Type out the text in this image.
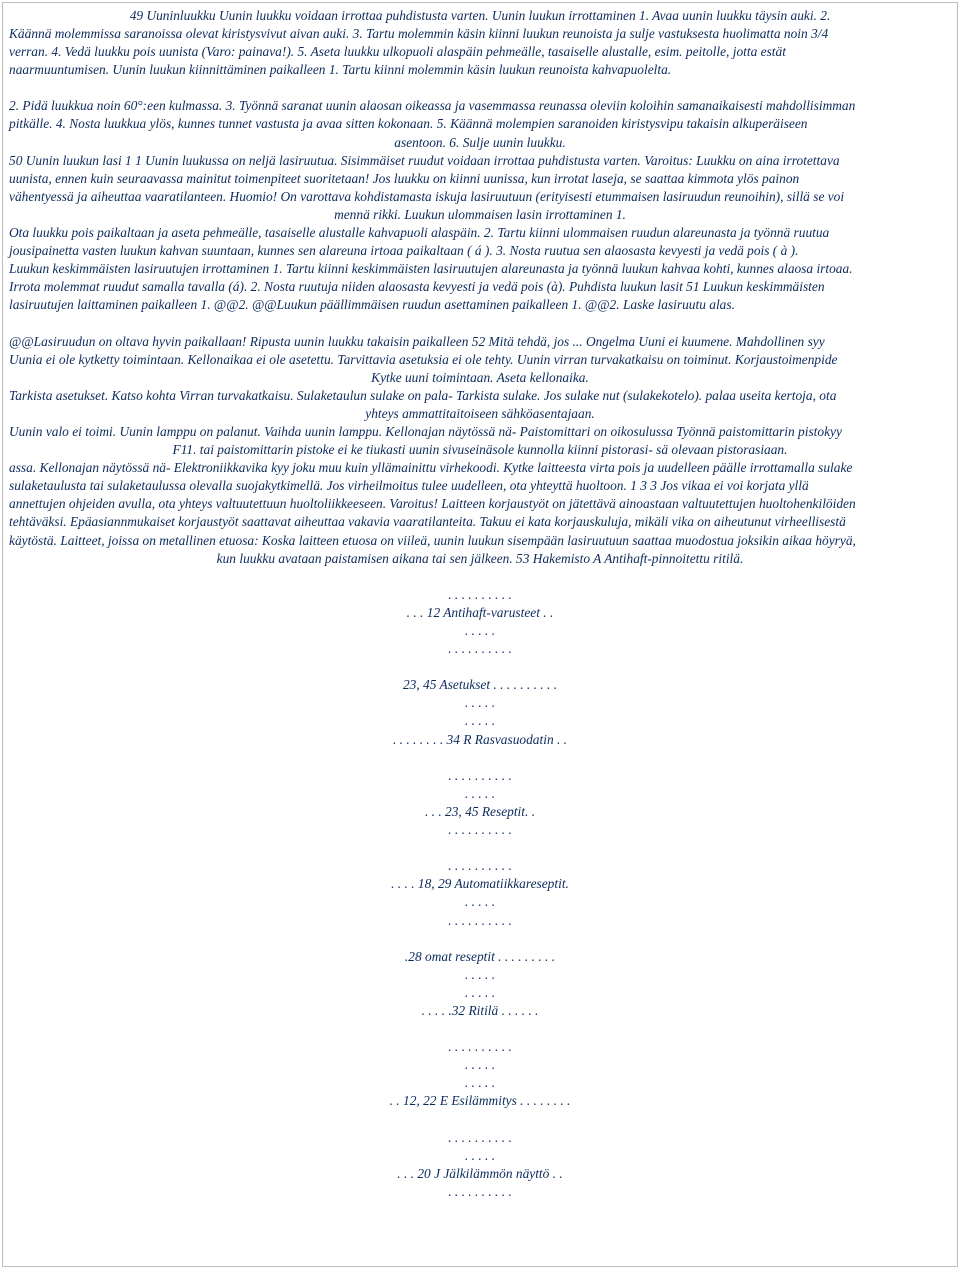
49 Uuninluukku Uunin luukku voidaan irrottaa puhdistusta varten. Uunin luukun irrottaminen 1. Avaa uunin luukku täysin auki. 2.

Käännä molemmissa saranoissa olevat kiristysvivut aivan auki. 3. Tartu molemmin käsin kiinni luukun reunoista ja sulje vastuksesta huolimatta noin 3/4

verran. 4. Vedä luukku pois uunista (Varo: painava!). 5. Aseta luukku ulkopuoli alaspäin pehmeälle, tasaiselle alustalle, esim. peitolle, jotta estät

naarmuuntumisen. Uunin luukun kiinnittäminen paikalleen 1. Tartu kiinni molemmin käsin luukun reunoista kahvapuolelta.

2. Pidä luukkua noin 60°:een kulmassa. 3. Työnnä saranat uunin alaosan oikeassa ja vasemmassa reunassa oleviin koloihin samanaikaisesti mahdollisimman

pitkälle. 4. Nosta luukkua ylös, kunnes tunnet vastusta ja avaa sitten kokonaan. 5. Käännä molempien saranoiden kiristysvipu takaisin alkuperäiseen

asentoon. 6. Sulje uunin luukku.

50 Uunin luukun lasi 1 1 Uunin luukussa on neljä lasiruutua. Sisimmäiset ruudut voidaan irrottaa puhdistusta varten. Varoitus: Luukku on aina irrotettava

uunista, ennen kuin seuraavassa mainitut toimenpiteet suoritetaan! Jos luukku on kiinni uunissa, kun irrotat laseja, se saattaa kimmota ylös painon

vähentyessä ja aiheuttaa vaaratilanteen. Huomio! On varottava kohdistamasta iskuja lasiruutuun (erityisesti etummaisen lasiruudun reunoihin), sillä se voi

mennä rikki. Luukun ulommaisen lasin irrottaminen 1.

Ota luukku pois paikaltaan ja aseta pehmeälle, tasaiselle alustalle kahvapuoli alaspäin. 2. Tartu kiinni ulommaisen ruudun alareunasta ja työnnä ruutua

jousipainetta vasten luukun kahvan suuntaan, kunnes sen alareuna irtoaa paikaltaan ( á ). 3. Nosta ruutua sen alaosasta kevyesti ja vedä pois ( à ).

Luukun keskimmäisten lasiruutujen irrottaminen 1. Tartu kiinni keskimmäisten lasiruutujen alareunasta ja työnnä luukun kahvaa kohti, kunnes alaosa irtoaa.

Irrota molemmat ruudut samalla tavalla (á). 2. Nosta ruutuja niiden alaosasta kevyesti ja vedä pois (à). Puhdista luukun lasit 51 Luukun keskimmäisten

lasiruutujen laittaminen paikalleen 1. @@2. @@Luukun päällimmäisen ruudun asettaminen paikalleen 1. @@2. Laske lasiruutu alas.

@@Lasiruudun on oltava hyvin paikallaan! Ripusta uunin luukku takaisin paikalleen 52 Mitä tehdä, jos ... Ongelma Uuni ei kuumene. Mahdollinen syy

Uunia ei ole kytketty toimintaan. Kellonaikaa ei ole asetettu. Tarvittavia asetuksia ei ole tehty. Uunin virran turvakatkaisu on toiminut. Korjaustoimenpide

Kytke uuni toimintaan. Aseta kellonaika.

Tarkista asetukset. Katso kohta Virran turvakatkaisu. Sulaketaulun sulake on pala- Tarkista sulake. Jos sulake nut (sulakekotelo). palaa useita kertoja, ota

yhteys ammattitaitoiseen sähköasentajaan.

Uunin valo ei toimi. Uunin lamppu on palanut. Vaihda uunin lamppu. Kellonajan näytössä nä- Paistomittari on oikosulussa Työnnä paistomittarin pistokyy

F11. tai paistomittarin pistoke ei ke tiukasti uunin sivuseinäsole kunnolla kiinni pistorasi- sä olevaan pistorasiaan.

assa. Kellonajan näytössä nä- Elektroniikkavika kyy joku muu kuin yllämainittu virhekoodi. Kytke laitteesta virta pois ja uudelleen päälle irrottamalla sulake

sulaketaulusta tai sulaketaulussa olevalla suojakytkimellä. Jos virheilmoitus tulee uudelleen, ota yhteyttä huoltoon. 1 3 3 Jos vikaa ei voi korjata yllä

annettujen ohjeiden avulla, ota yhteys valtuutettuun huoltoliikkeeseen. Varoitus! Laitteen korjaustyöt on jätettävä ainoastaan valtuutettujen huoltohenkilöiden

tehtäväksi. Epäasiannmukaiset korjaustyöt saattavat aiheuttaa vakavia vaaratilanteita. Takuu ei kata korjauskuluja, mikäli vika on aiheutunut virheellisestä

käytöstä. Laitteet, joissa on metallinen etuosa: Koska laitteen etuosa on viileä, uunin luukun sisempään lasiruutuun saattaa muodostua joksikin aikaa höyryä,

kun luukku avataan paistamisen aikana tai sen jälkeen. 53 Hakemisto A Antihaft-pinnoitettu ritilä.

. . . . . . . . . .
. . . 12 Antihaft-varusteet . .
. . . . .
. . . . . . . . . .

23, 45 Asetukset . . . . . . . . . .
. . . . .
. . . . .
. . . . . . . . 34 R Rasvasuodatin . .

. . . . . . . . . .
. . . . .
. . . 23, 45 Reseptit. .
. . . . . . . . . .

. . . . . . . . . .
. . . . 18, 29 Automatiikkareseptit.
. . . . .
. . . . . . . . . .

.28 omat reseptit . . . . . . . . .
. . . . .
. . . . .
. . . . .32 Ritilä . . . . . .

. . . . . . . . . .
. . . . .
. . . . .
. . 12, 22 E Esilämmitys . . . . . . . .

. . . . . . . . . .
. . . . .
. . . 20 J Jälkilämmön näyttö . .
. . . . . . . . . .
